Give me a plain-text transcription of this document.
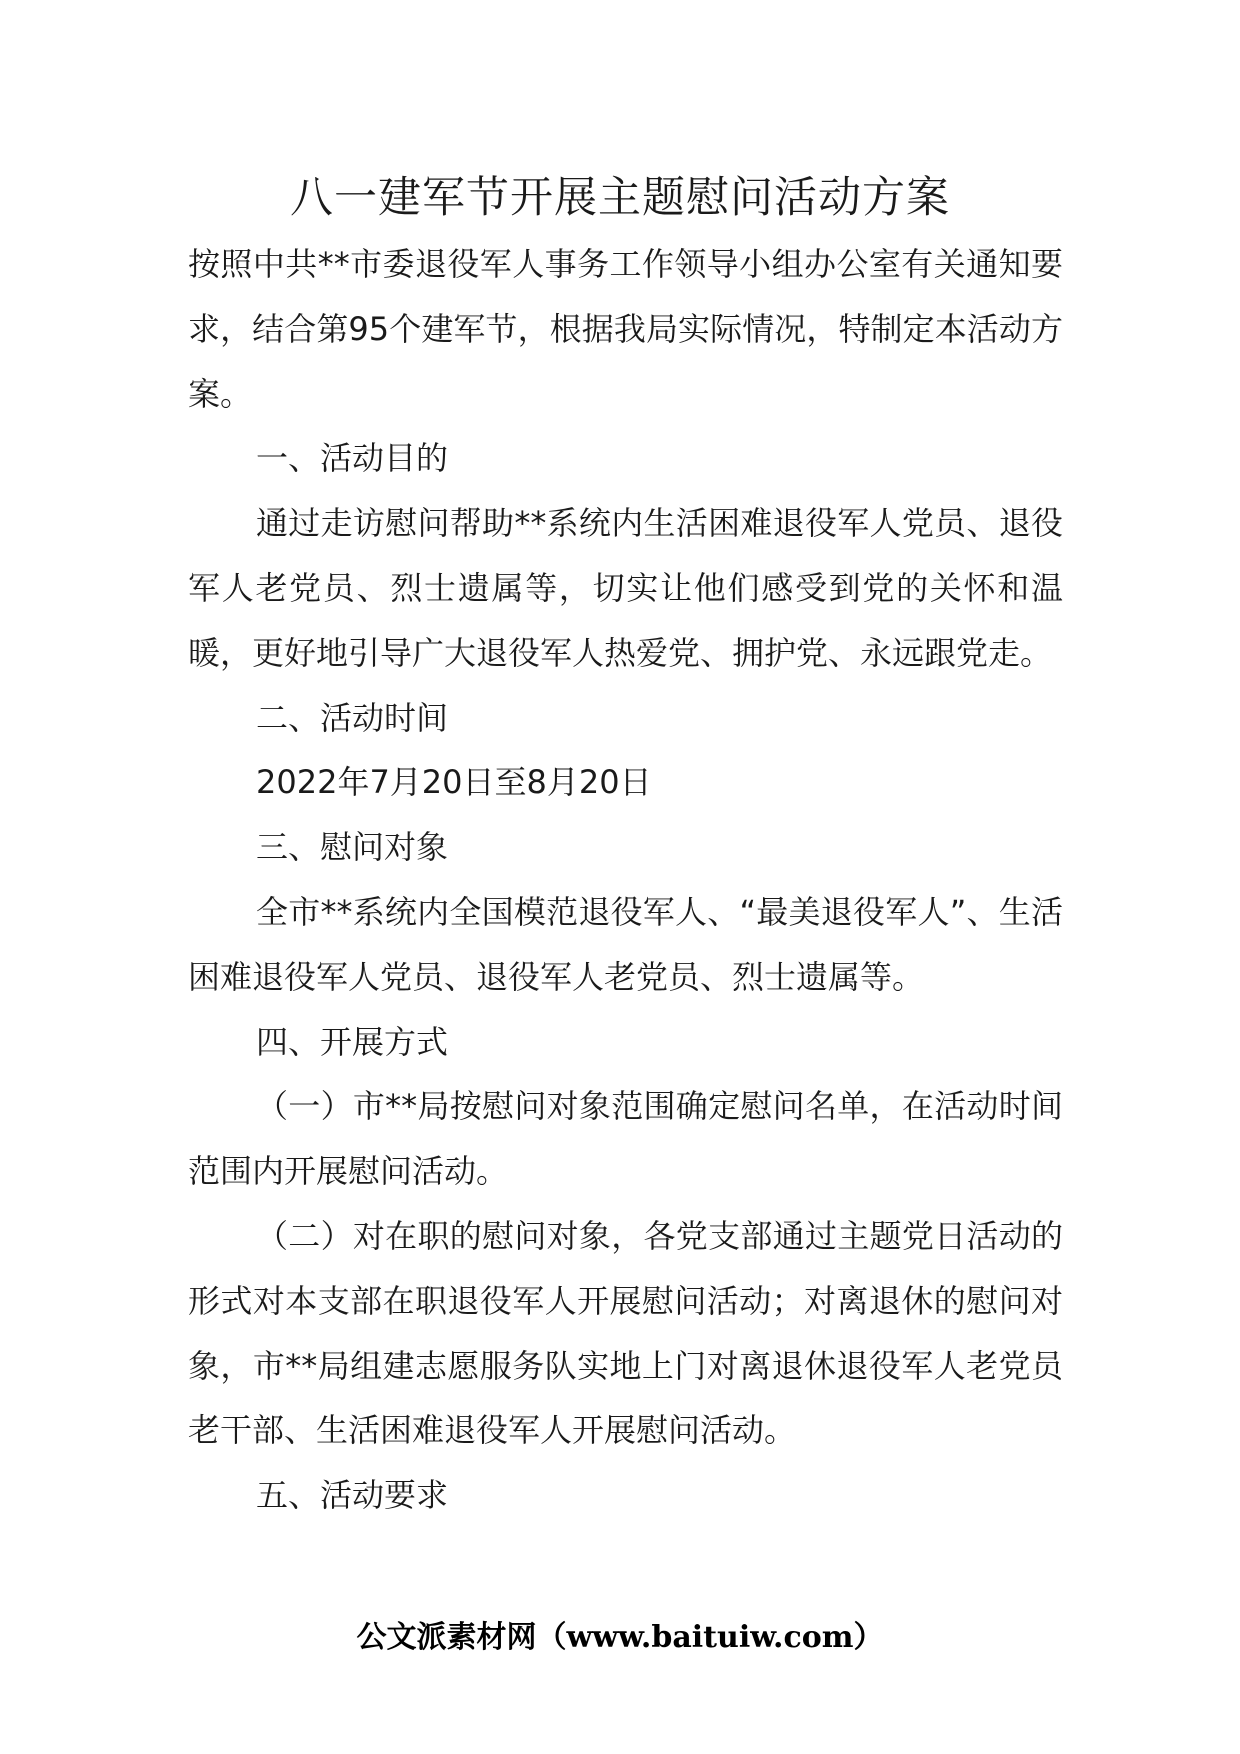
八一建军节开展主题慰问活动方案

按照中共**市委退役军人事务工作领导小组办公室有关通知要求，结合第95个建军节，根据我局实际情况，特制定本活动方案。

一、活动目的

通过走访慰问帮助**系统内生活困难退役军人党员、退役军人老党员、烈士遗属等，切实让他们感受到党的关怀和温暖，更好地引导广大退役军人热爱党、拥护党、永远跟党走。

二、活动时间

2022年7月20日至8月20日

三、慰问对象

全市**系统内全国模范退役军人、“最美退役军人”、生活困难退役军人党员、退役军人老党员、烈士遗属等。

四、开展方式

（一）市**局按慰问对象范围确定慰问名单，在活动时间范围内开展慰问活动。

（二）对在职的慰问对象，各党支部通过主题党日活动的形式对本支部在职退役军人开展慰问活动；对离退休的慰问对象，市**局组建志愿服务队实地上门对离退休退役军人老党员老干部、生活困难退役军人开展慰问活动。

五、活动要求

公文派素材网（www.baituiw.com）
